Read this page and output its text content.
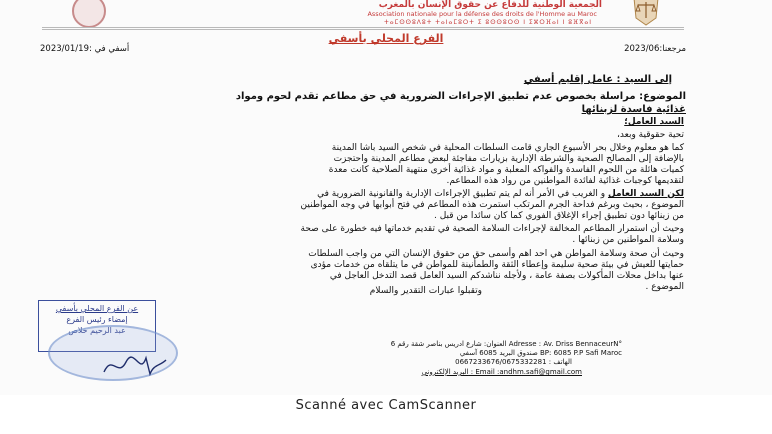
الجمعية الوطنية للدفاع عن حقوق الإنسان بالمغرب
Association nationale pour la défense des droits de l'Homme au Maroc
ⵜⴰⵎⵙⵙⵓⴷⵓⵜ ⵜⴰⵏⴰⵎⵓⵔⵜ ⵉ ⵓⵙⵙⵓⵔⵙ ⵏ ⵉⵣⵔⴼⴰⵏ ⵏ ⵓⴼⴳⴰⵏ
الفرع المحلي بأسفي
أسفي في :2023/01/19	مرجعنا:2023/06
إلى السيد : عامل إقليم أسفي
الموضوع: مراسلة بخصوص عدم تطبيق الإجراءات الضرورية في حق مطاعم تقدم لحوم ومواد
غذائية فاسدة لزبنائها
السيد العامل؛
تحية حقوقية وبعد،
كما هو معلوم وخلال بحر الأسبوع الجاري قامت السلطات المحلية في شخص السيد باشا المدينة
بالإضافة إلى المصالح الصحية والشرطة الإدارية بزيارات مفاجئة لبعض مطاعم المدينة واحتجزت
كميات هائلة من اللحوم الفاسدة والفواكه المعلبة و مواد غذائية أخرى منتهية الصلاحية كانت معدة
لتقديمها كوجبات غذائية لفائدة المواطنين من رواد هذه المطاعم.
لكن السيد العامل و الغريب في الأمر أنه لم يتم تطبيق الإجراءات الإدارية والقانونية الضرورية في
الموضوع ، بحيث وبرغم فداحة الجرم المرتكب استمرت هذه المطاعم في فتح أبوابها في وجه المواطنين
من زبنائها دون تطبيق إجراء الإغلاق الفوري كما كان سائدا من قبل .
وحيث أن استمرار المطاعم المخالفة لإجراءات السلامة الصحية في تقديم خدماتها فيه خطورة على صحة
وسلامة المواطنين من زبنائها .
وحيث أن صحة وسلامة المواطن هي احد اهم وأسمى حق من حقوق الإنسان التي من واجب السلطات
حمايتها للعيش في بيئة صحية سليمة وإعطاء الثقة والطمأنينة للمواطن في ما يتلقاه من خدمات مؤدى
عنها بداخل محلات المأكولات بصفة عامة ، ولأجله نناشدكم السيد العامل قصد التدخل العاجل في
الموضوع .
وتقبلوا عبارات التقدير والسلام
عن الفرع المحلي بأسفي
إمضاء رئيس الفرع
عبد الرحيم خلاص
العنوان: شارع ادريس بناصر شقة رقم 6 Adresse : Av. Driss BennaceurN°
صندوق البريد 6085 آسفي BP: 6085 P.P Safi Maroc
الهاتف : 0667233676/0675332281
البريد الإلكتروني : Email :andhm.safi@gmail.com
Scanné avec CamScanner
